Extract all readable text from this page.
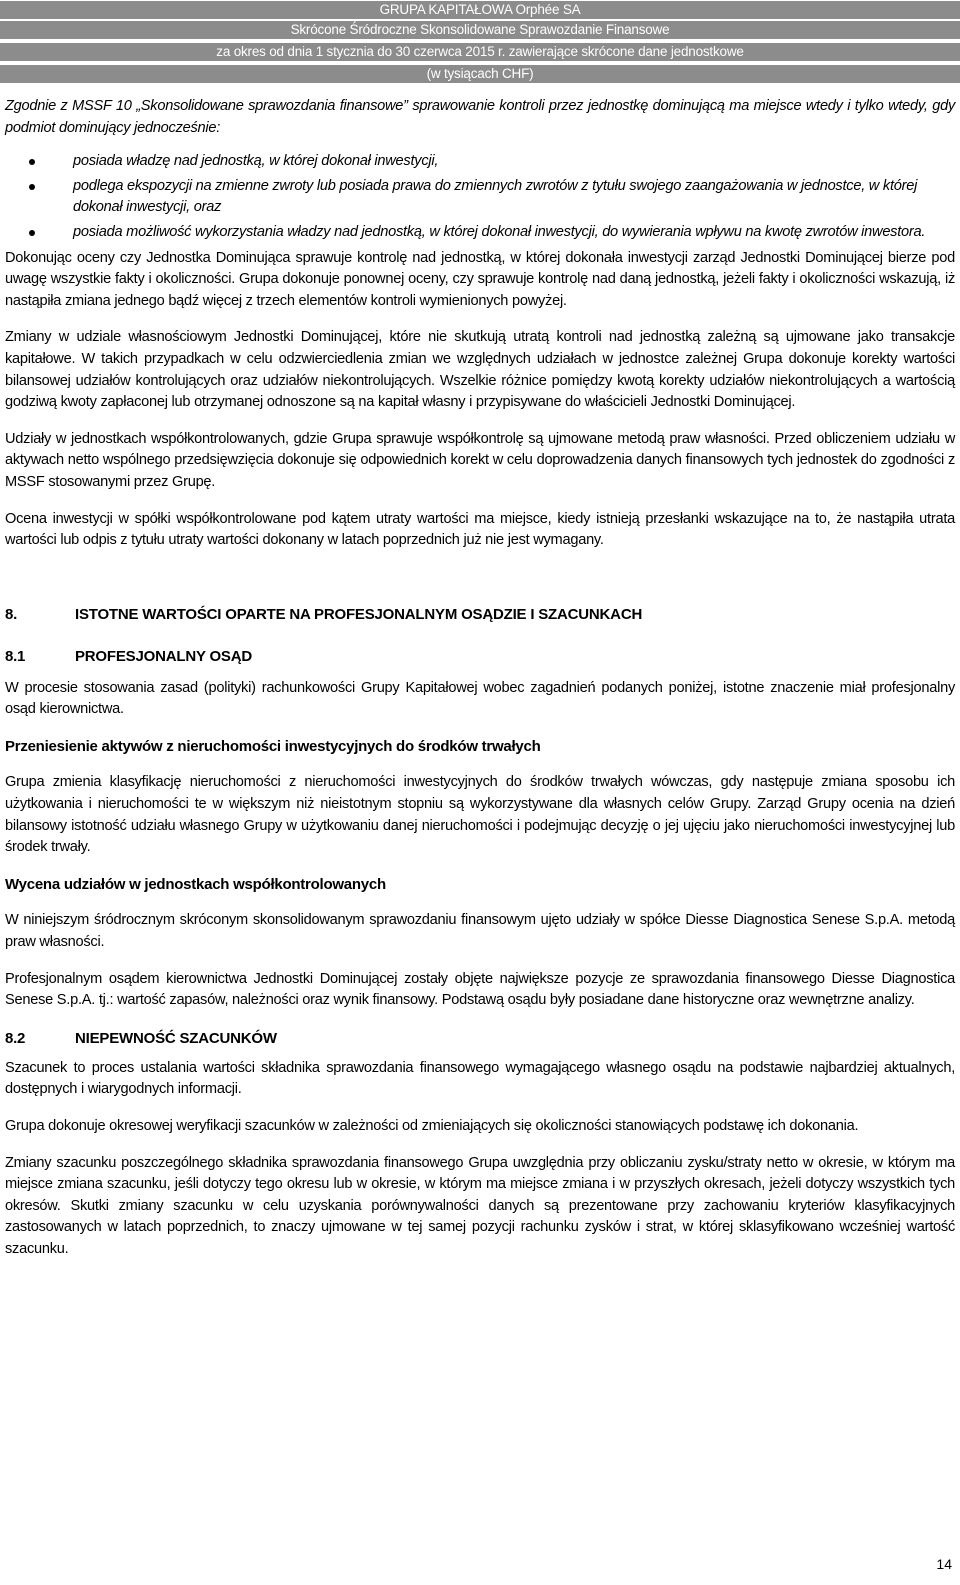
GRUPA KAPITAŁOWA Orphée SA
Skrócone Śródroczne Skonsolidowane Sprawozdanie Finansowe
za okres od dnia 1 stycznia do 30 czerwca 2015 r. zawierające skrócone dane jednostkowe
(w tysiącach CHF)

Zgodnie z MSSF 10 „Skonsolidowane sprawozdania finansowe” sprawowanie kontroli przez jednostkę dominującą ma miejsce wtedy i tylko wtedy, gdy podmiot dominujący jednocześnie:

posiada władzę nad jednostką, w której dokonał inwestycji,
podlega ekspozycji na zmienne zwroty lub posiada prawa do zmiennych zwrotów z tytułu swojego zaangażowania w jednostce, w której dokonał inwestycji, oraz
posiada możliwość wykorzystania władzy nad jednostką, w której dokonał inwestycji, do wywierania wpływu na kwotę zwrotów inwestora.

Dokonując oceny czy Jednostka Dominująca sprawuje kontrolę nad jednostką, w której dokonała inwestycji zarząd Jednostki Dominującej bierze pod uwagę wszystkie fakty i okoliczności. Grupa dokonuje ponownej oceny, czy sprawuje kontrolę nad daną jednostką, jeżeli fakty i okoliczności wskazują, iż nastąpiła zmiana jednego bądź więcej z trzech elementów kontroli wymienionych powyżej.

Zmiany w udziale własnościowym Jednostki Dominującej, które nie skutkują utratą kontroli nad jednostką zależną są ujmowane jako transakcje kapitałowe. W takich przypadkach w celu odzwierciedlenia zmian we względnych udziałach w jednostce zależnej Grupa dokonuje korekty wartości bilansowej udziałów kontrolujących oraz udziałów niekontrolujących. Wszelkie różnice pomiędzy kwotą korekty udziałów niekontrolujących a wartością godziwą kwoty zapłaconej lub otrzymanej odnoszone są na kapitał własny i przypisywane do właścicieli Jednostki Dominującej.

Udziały w jednostkach współkontrolowanych, gdzie Grupa sprawuje współkontrolę są ujmowane metodą praw własności. Przed obliczeniem udziału w aktywach netto wspólnego przedsięwzięcia dokonuje się odpowiednich korekt w celu doprowadzenia danych finansowych tych jednostek do zgodności z MSSF stosowanymi przez Grupę.

Ocena inwestycji w spółki współkontrolowane pod kątem utraty wartości ma miejsce, kiedy istnieją przesłanki wskazujące na to, że nastąpiła utrata wartości lub odpis z tytułu utraty wartości dokonany w latach poprzednich już nie jest wymagany.

8.	ISTOTNE WARTOŚCI OPARTE NA PROFESJONALNYM OSĄDZIE I SZACUNKACH
8.1	PROFESJONALNY OSĄD

W procesie stosowania zasad (polityki) rachunkowości Grupy Kapitałowej wobec zagadnień podanych poniżej, istotne znaczenie miał profesjonalny osąd kierownictwa.

Przeniesienie aktywów z nieruchomości inwestycyjnych do środków trwałych

Grupa zmienia klasyfikację nieruchomości z nieruchomości inwestycyjnych do środków trwałych wówczas, gdy następuje zmiana sposobu ich użytkowania i nieruchomości te w większym niż nieistotnym stopniu są wykorzystywane dla własnych celów Grupy. Zarząd Grupy ocenia na dzień bilansowy istotność udziału własnego Grupy w użytkowaniu danej nieruchomości i podejmując decyzję o jej ujęciu jako nieruchomości inwestycyjnej lub środek trwały.

Wycena udziałów w jednostkach współkontrolowanych

W niniejszym śródrocznym skróconym skonsolidowanym sprawozdaniu finansowym ujęto udziały w spółce Diesse Diagnostica Senese S.p.A. metodą praw własności.

Profesjonalnym osądem kierownictwa Jednostki Dominującej zostały objęte największe pozycje ze sprawozdania finansowego Diesse Diagnostica Senese S.p.A. tj.: wartość zapasów, należności oraz wynik finansowy. Podstawą osądu były posiadane dane historyczne oraz wewnętrzne analizy.

8.2	NIEPEWNOŚĆ SZACUNKÓW

Szacunek to proces ustalania wartości składnika sprawozdania finansowego wymagającego własnego osądu na podstawie najbardziej aktualnych, dostępnych i wiarygodnych informacji.

Grupa dokonuje okresowej weryfikacji szacunków w zależności od zmieniających się okoliczności stanowiących podstawę ich dokonania.

Zmiany szacunku poszczególnego składnika sprawozdania finansowego Grupa uwzględnia przy obliczaniu zysku/straty netto w okresie, w którym ma miejsce zmiana szacunku, jeśli dotyczy tego okresu lub w okresie, w którym ma miejsce zmiana i w przyszłych okresach, jeżeli dotyczy wszystkich tych okresów. Skutki zmiany szacunku w celu uzyskania porównywalności danych są prezentowane przy zachowaniu kryteriów klasyfikacyjnych zastosowanych w latach poprzednich, to znaczy ujmowane w tej samej pozycji rachunku zysków i strat, w której sklasyfikowano wcześniej wartość szacunku.

14
